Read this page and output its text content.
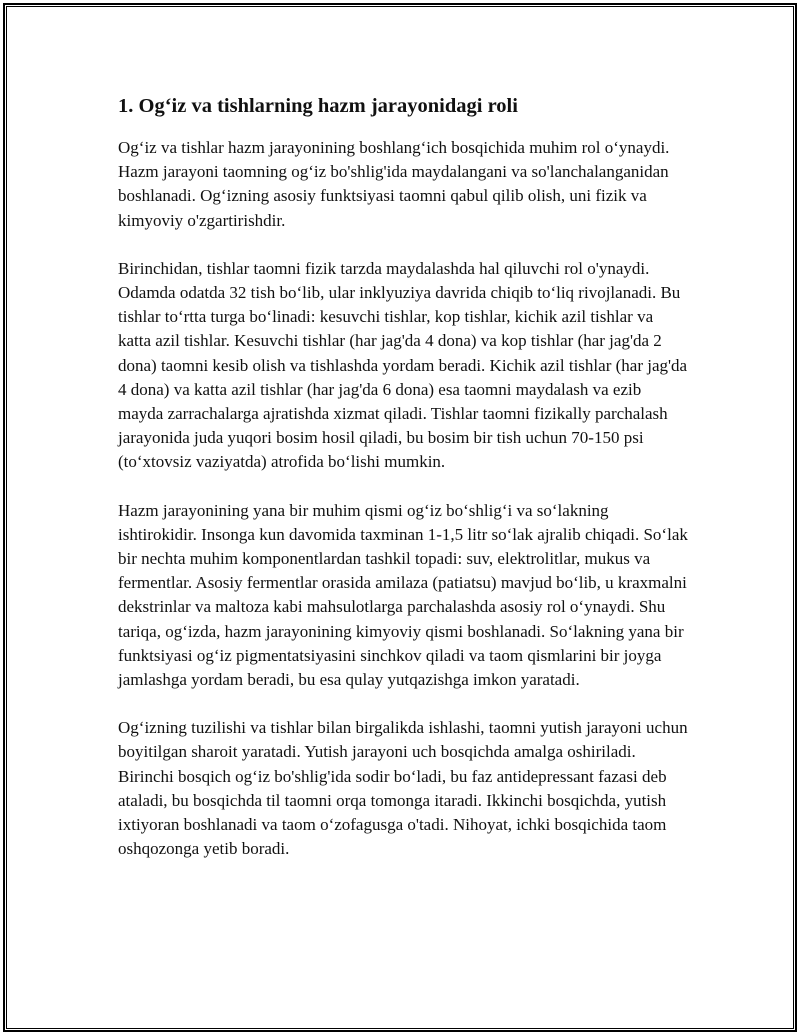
1. Og‘iz va tishlarning hazm jarayonidagi roli

Og‘iz va tishlar hazm jarayonining boshlang‘ich bosqichida muhim rol o‘ynaydi. Hazm jarayoni taomning og‘iz bo'shlig'ida maydalangani va so'lanchalanganidan boshlanadi. Og‘izning asosiy funktsiyasi taomni qabul qilib olish, uni fizik va kimyoviy o'zgartirishdir.

Birinchidan, tishlar taomni fizik tarzda maydalashda hal qiluvchi rol o'ynaydi. Odamda odatda 32 tish bo‘lib, ular inklyuziya davrida chiqib to‘liq rivojlanadi. Bu tishlar to‘rtta turga bo‘linadi: kesuvchi tishlar, kop tishlar, kichik azil tishlar va katta azil tishlar. Kesuvchi tishlar (har jag'da 4 dona) va kop tishlar (har jag'da 2 dona) taomni kesib olish va tishlashda yordam beradi. Kichik azil tishlar (har jag'da 4 dona) va katta azil tishlar (har jag'da 6 dona) esa taomni maydalash va ezib mayda zarrachalarga ajratishda xizmat qiladi. Tishlar taomni fizikally parchalash jarayonida juda yuqori bosim hosil qiladi, bu bosim bir tish uchun 70-150 psi (to‘xtovsiz vaziyatda) atrofida bo‘lishi mumkin.

Hazm jarayonining yana bir muhim qismi og‘iz bo‘shlig‘i va so‘lakning ishtirokidir. Insonga kun davomida taxminan 1-1,5 litr so‘lak ajralib chiqadi. So‘lak bir nechta muhim komponentlardan tashkil topadi: suv, elektrolitlar, mukus va fermentlar. Asosiy fermentlar orasida amilaza (patiatsu) mavjud bo‘lib, u kraxmalni dekstrinlar va maltoza kabi mahsulotlarga parchalashda asosiy rol o‘ynaydi. Shu tariqa, og‘izda, hazm jarayonining kimyoviy qismi boshlanadi. So‘lakning yana bir funktsiyasi og‘iz pigmentatsiyasini sinchkov qiladi va taom qismlarini bir joyga jamlashga yordam beradi, bu esa qulay yutqazishga imkon yaratadi.

Og‘izning tuzilishi va tishlar bilan birgalikda ishlashi, taomni yutish jarayoni uchun boyitilgan sharoit yaratadi. Yutish jarayoni uch bosqichda amalga oshiriladi. Birinchi bosqich og‘iz bo'shlig'ida sodir bo‘ladi, bu faz antidepressant fazasi deb ataladi, bu bosqichda til taomni orqa tomonga itaradi. Ikkinchi bosqichda, yutish ixtiyoran boshlanadi va taom o‘zofagusga o'tadi. Nihoyat, ichki bosqichida taom oshqozonga yetib boradi.
